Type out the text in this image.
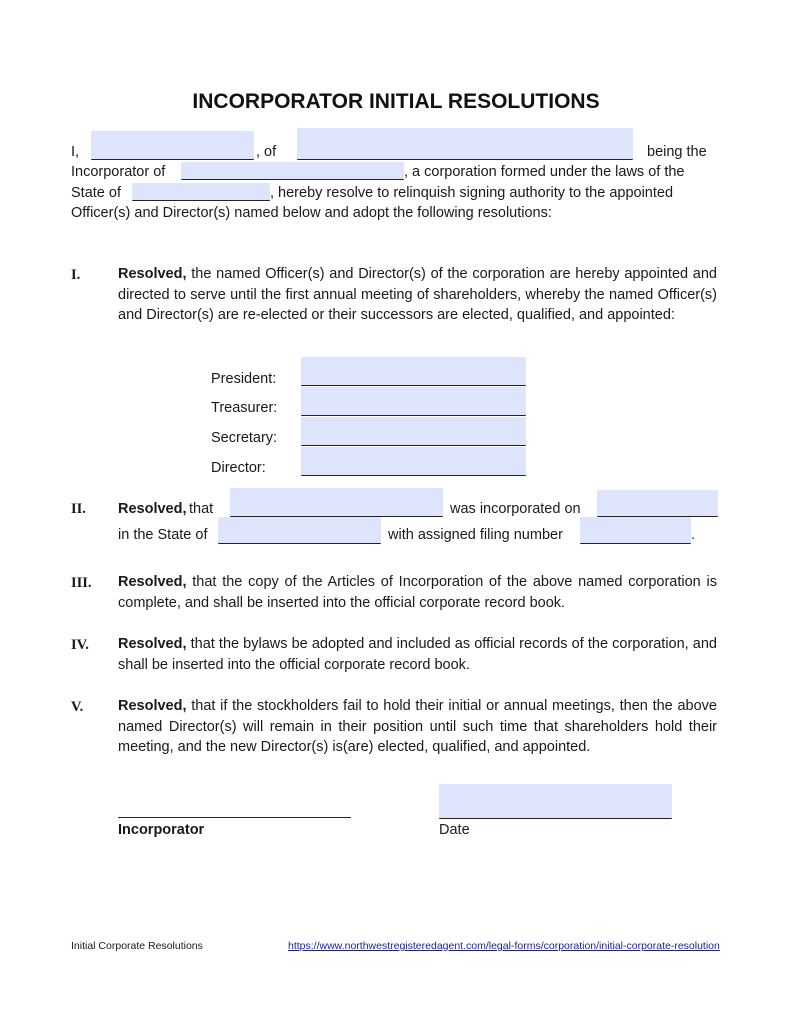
INCORPORATOR INITIAL RESOLUTIONS
I,	, of	being the
Incorporator of	, a corporation formed under the laws of the
State of	, hereby resolve to relinquish signing authority to the appointed
Officer(s) and Director(s) named below and adopt the following resolutions:
I.	Resolved, the named Officer(s) and Director(s) of the corporation are hereby appointed and directed to serve until the first annual meeting of shareholders, whereby the named Officer(s) and Director(s) are re-elected or their successors are elected, qualified, and appointed:
President:
Treasurer:
Secretary:
Director:
II. Resolved, that	was incorporated on
in the State of	with assigned filing number	.
III. Resolved, that the copy of the Articles of Incorporation of the above named corporation is complete, and shall be inserted into the official corporate record book.
IV. Resolved, that the bylaws be adopted and included as official records of the corporation, and shall be inserted into the official corporate record book.
V. Resolved, that if the stockholders fail to hold their initial or annual meetings, then the above named Director(s) will remain in their position until such time that shareholders hold their meeting, and the new Director(s) is(are) elected, qualified, and appointed.
Incorporator	Date
Initial Corporate Resolutions	https://www.northwestregisteredagent.com/legal-forms/corporation/initial-corporate-resolution
